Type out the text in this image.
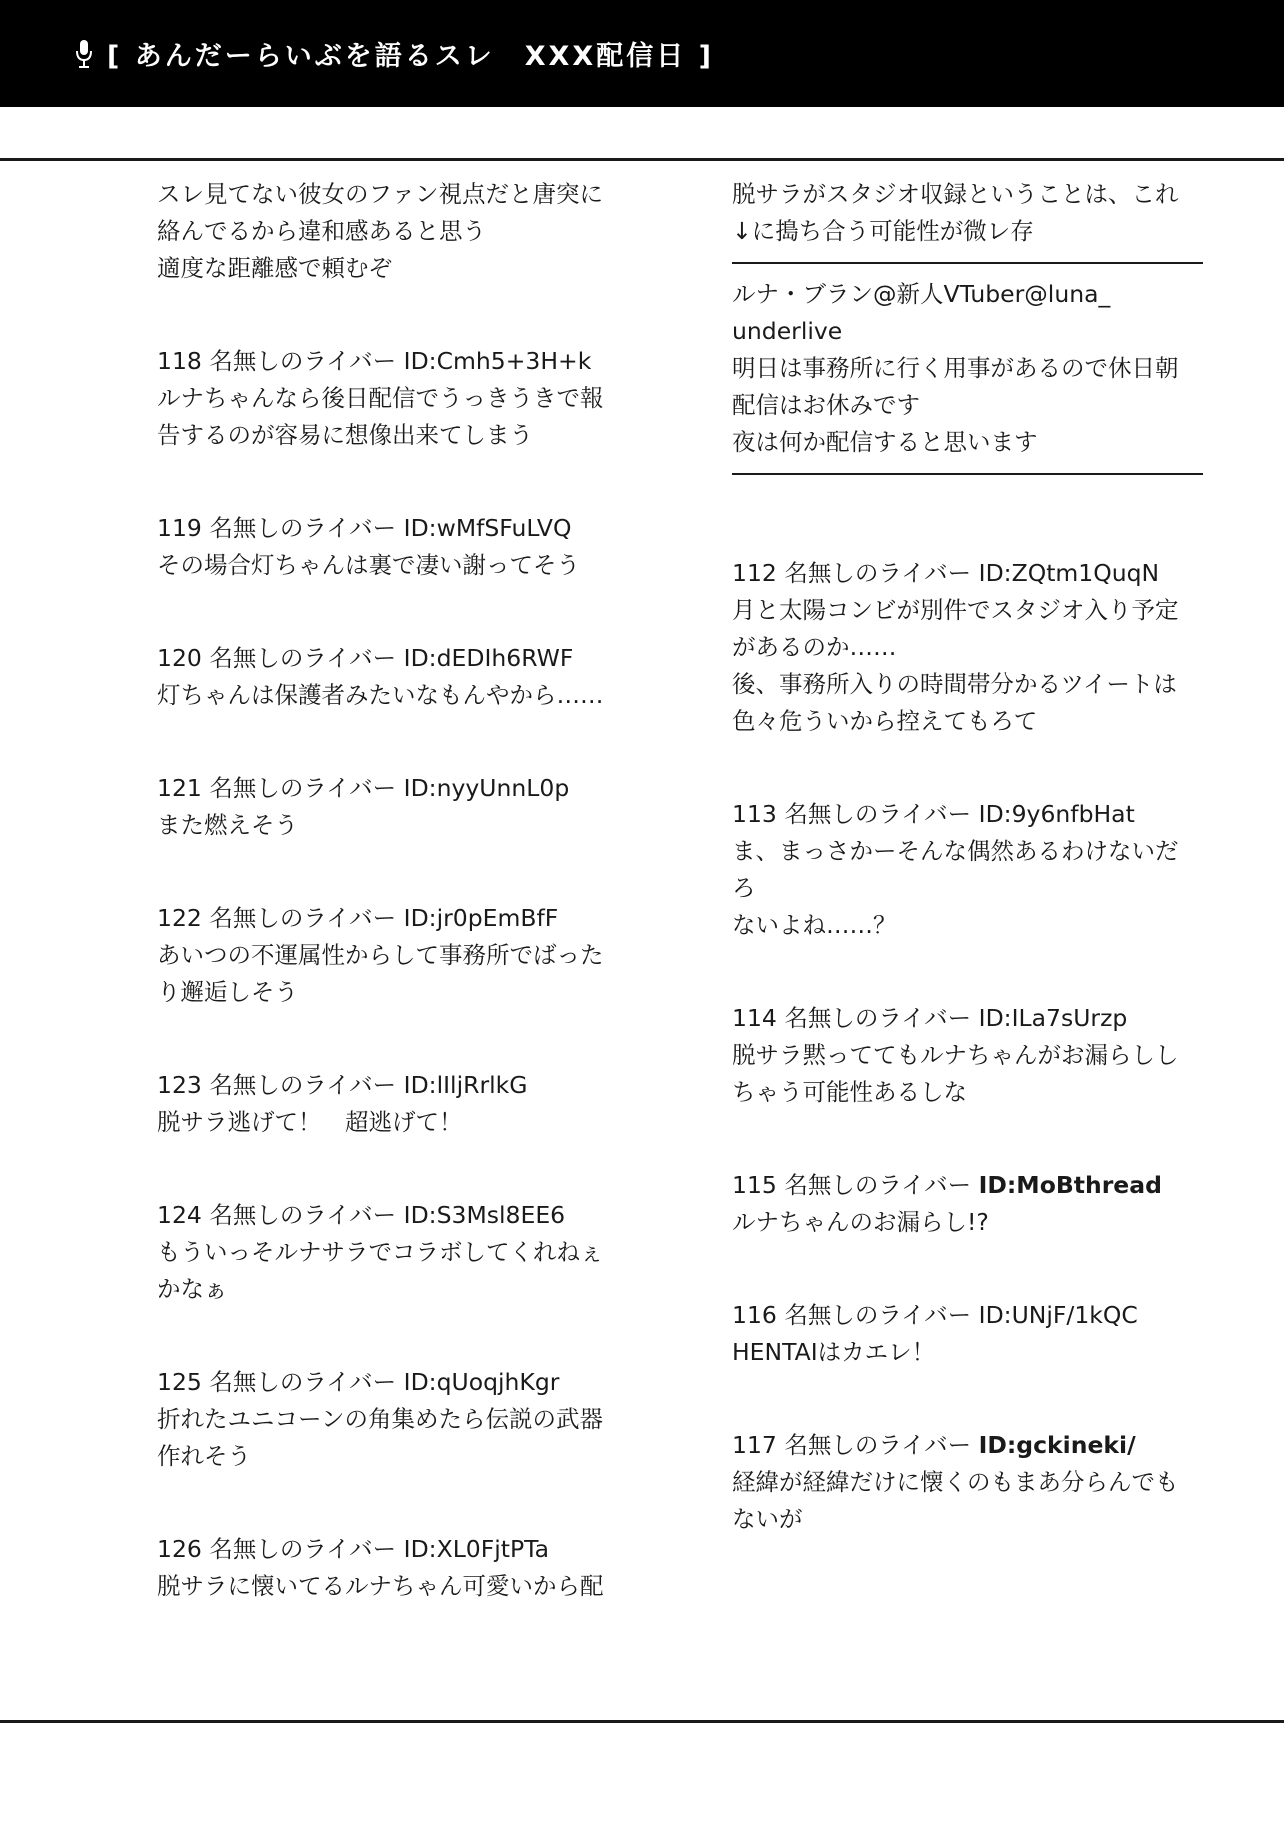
[ あんだーらいぶを語るスレ　XXX配信日 ]
スレ見てない彼女のファン視点だと唐突に
絡んでるから違和感あると思う
適度な距離感で頼むぞ
118 名無しのライバー ID:Cmh5+3H+k
ルナちゃんなら後日配信でうっきうきで報
告するのが容易に想像出来てしまう
119 名無しのライバー ID:wMfSFuLVQ
その場合灯ちゃんは裏で凄い謝ってそう
120 名無しのライバー ID:dEDIh6RWF
灯ちゃんは保護者みたいなもんやから……
121 名無しのライバー ID:nyyUnnL0p
また燃えそう
122 名無しのライバー ID:jr0pEmBfF
あいつの不運属性からして事務所でばった
り邂逅しそう
123 名無しのライバー ID:lIljRrlkG
脱サラ逃げて！　超逃げて！
124 名無しのライバー ID:S3Msl8EE6
もういっそルナサラでコラボしてくれねぇ
かなぁ
125 名無しのライバー ID:qUoqjhKgr
折れたユニコーンの角集めたら伝説の武器
作れそう
126 名無しのライバー ID:XL0FjtPTa
脱サラに懐いてるルナちゃん可愛いから配
脱サラがスタジオ収録ということは、これ
↓に搗ち合う可能性が微レ存
ルナ・ブラン@新人VTuber@luna_
underlive
明日は事務所に行く用事があるので休日朝
配信はお休みです
夜は何か配信すると思います
112 名無しのライバー ID:ZQtm1QuqN
月と太陽コンビが別件でスタジオ入り予定
があるのか……
後、事務所入りの時間帯分かるツイートは
色々危ういから控えてもろて
113 名無しのライバー ID:9y6nfbHat
ま、まっさかーそんな偶然あるわけないだ
ろ
ないよね……？
114 名無しのライバー ID:ILa7sUrzp
脱サラ黙っててもルナちゃんがお漏らしし
ちゃう可能性あるしな
115 名無しのライバー ID:MoBthread
ルナちゃんのお漏らし!?
116 名無しのライバー ID:UNjF/1kQC
HENTAIはカエレ！
117 名無しのライバー ID:gckineki/
経緯が経緯だけに懐くのもまあ分らんでも
ないが
